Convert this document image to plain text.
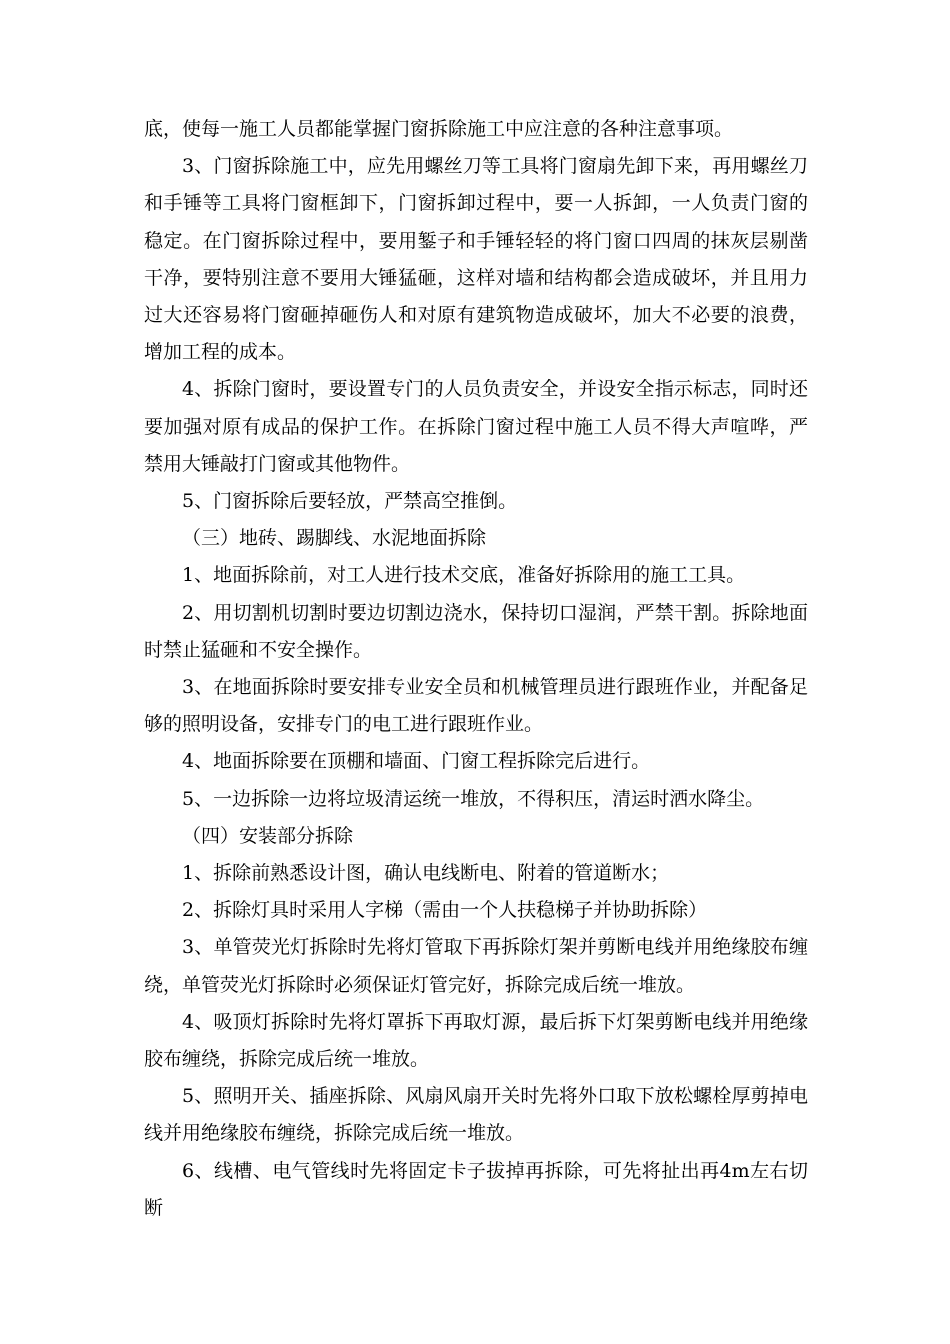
底，使每一施工人员都能掌握门窗拆除施工中应注意的各种注意事项。

3、门窗拆除施工中，应先用螺丝刀等工具将门窗扇先卸下来，再用螺丝刀和手锤等工具将门窗框卸下，门窗拆卸过程中，要一人拆卸，一人负责门窗的稳定。在门窗拆除过程中，要用錾子和手锤轻轻的将门窗口四周的抹灰层剔凿干净，要特别注意不要用大锤猛砸，这样对墙和结构都会造成破坏，并且用力过大还容易将门窗砸掉砸伤人和对原有建筑物造成破坏，加大不必要的浪费，增加工程的成本。

4、拆除门窗时，要设置专门的人员负责安全，并设安全指示标志，同时还要加强对原有成品的保护工作。在拆除门窗过程中施工人员不得大声喧哗，严禁用大锤敲打门窗或其他物件。

5、门窗拆除后要轻放，严禁高空推倒。

（三）地砖、踢脚线、水泥地面拆除

1、地面拆除前，对工人进行技术交底，准备好拆除用的施工工具。

2、用切割机切割时要边切割边浇水，保持切口湿润，严禁干割。拆除地面时禁止猛砸和不安全操作。

3、在地面拆除时要安排专业安全员和机械管理员进行跟班作业，并配备足够的照明设备，安排专门的电工进行跟班作业。

4、地面拆除要在顶棚和墙面、门窗工程拆除完后进行。

5、一边拆除一边将垃圾清运统一堆放，不得积压，清运时洒水降尘。

（四）安装部分拆除

1、拆除前熟悉设计图，确认电线断电、附着的管道断水；

2、拆除灯具时采用人字梯（需由一个人扶稳梯子并协助拆除）

3、单管荧光灯拆除时先将灯管取下再拆除灯架并剪断电线并用绝缘胶布缠绕，单管荧光灯拆除时必须保证灯管完好，拆除完成后统一堆放。

4、吸顶灯拆除时先将灯罩拆下再取灯源，最后拆下灯架剪断电线并用绝缘胶布缠绕，拆除完成后统一堆放。

5、照明开关、插座拆除、风扇风扇开关时先将外口取下放松螺栓厚剪掉电线并用绝缘胶布缠绕，拆除完成后统一堆放。

6、线槽、电气管线时先将固定卡子拔掉再拆除，可先将扯出再4m左右切断
